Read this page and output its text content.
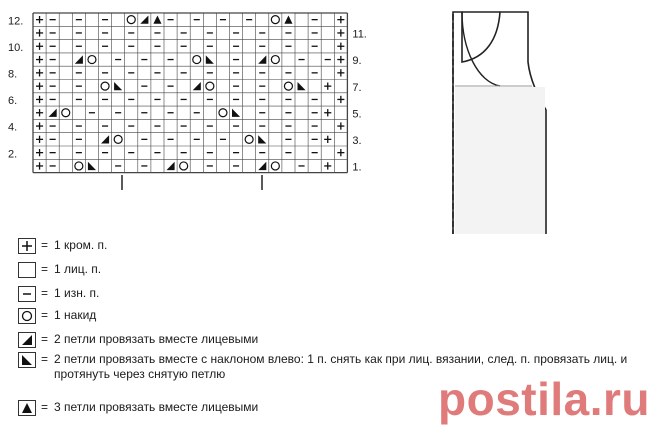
12.
10.
8.
6.
4.
2.
11.
9.
7.
5.
3.
1.
= 1 кром. п.
= 1 лиц. п.
= 1 изн. п.
= 1 накид
= 2 петли провязать вместе лицевыми
= 2 петли провязать вместе с наклоном влево: 1 п. снять как при лиц. вязании, след. п. провязать лиц. и протянуть через снятую петлю
= 3 петли провязать вместе лицевыми	postila.ru
